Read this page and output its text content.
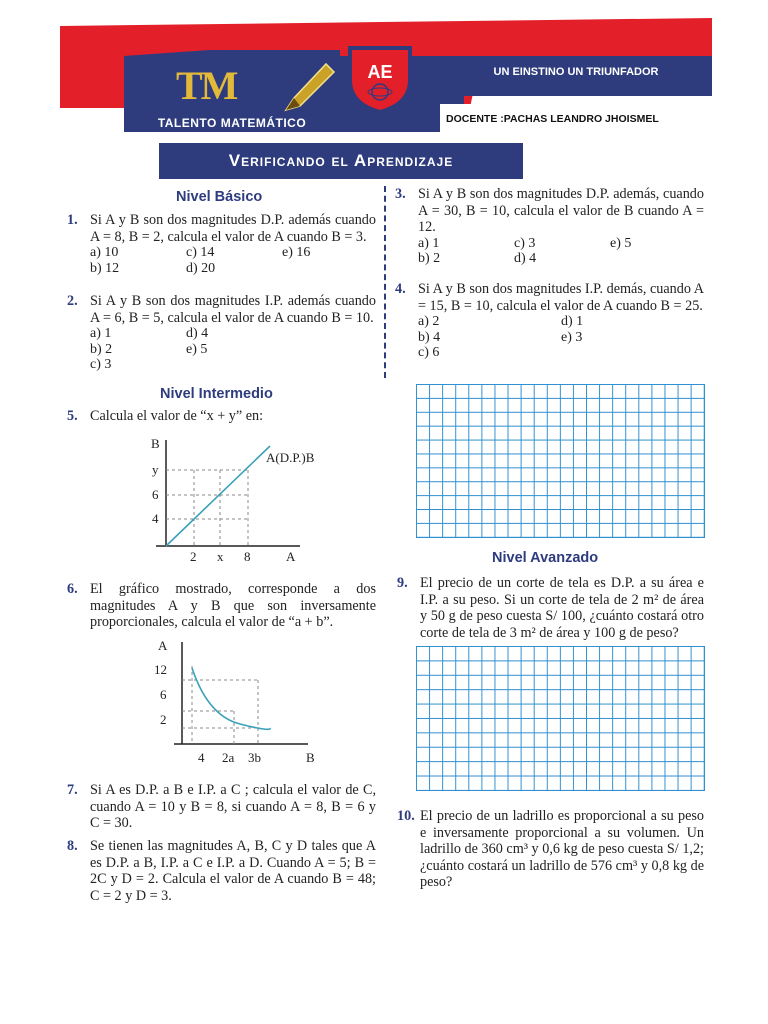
TM
TALENTO MATEMÁTICO
AE	UN EINSTINO UN TRIUNFADOR
DOCENTE :PACHAS LEANDRO JHOISMEL
Verificando el Aprendizaje
Nivel Básico
1. Si A y B son dos magnitudes D.P. además cuando A = 8, B = 2, calcula el valor de A cuando B = 3.
a) 10	c) 14	e) 16
b) 12	d) 20
2. Si A y B son dos magnitudes I.P. además cuando A = 6, B = 5, calcula el valor de A cuando B = 10.
a) 1	d) 4
b) 2	e) 5
c) 3
Nivel Intermedio
5. Calcula el valor de “x + y” en:
B
A
A(D.P.)B
y
6
4
2 x 8
6. El gráfico mostrado, corresponde a dos magnitudes A y B que son inversamente proporcionales, calcula el valor de “a + b”.
A
B
12
6
2
4 2a 3b
7. Si A es D.P. a B e I.P. a C ; calcula el valor de C, cuando A = 10 y B = 8, si cuando A = 8, B = 6 y C = 30.
8. Se tienen las magnitudes A, B, C y D tales que A es D.P. a B, I.P. a C e I.P. a D. Cuando A = 5; B = 2C y D = 2. Calcula el valor de A cuando B = 48; C = 2 y D = 3.
3. Si A y B son dos magnitudes D.P. además, cuando A = 30, B = 10, calcula el valor de B cuando A = 12.
a) 1	c) 3	e) 5
b) 2	d) 4
4. Si A y B son dos magnitudes I.P. demás, cuando A = 15, B = 10, calcula el valor de A cuando B = 25.
a) 2	d) 1
b) 4	e) 3
c) 6
Nivel Avanzado
9. El precio de un corte de tela es D.P. a su área e I.P. a su peso. Si un corte de tela de 2 m² de área y 50 g de peso cuesta S/ 100, ¿cuánto costará otro corte de tela de 3 m² de área y 100 g de peso?
10. El precio de un ladrillo es proporcional a su peso e inversamente proporcional a su volumen. Un ladrillo de 360 cm³ y 0,6 kg de peso cuesta S/ 1,2; ¿cuánto costará un ladrillo de 576 cm³ y 0,8 kg de peso?
